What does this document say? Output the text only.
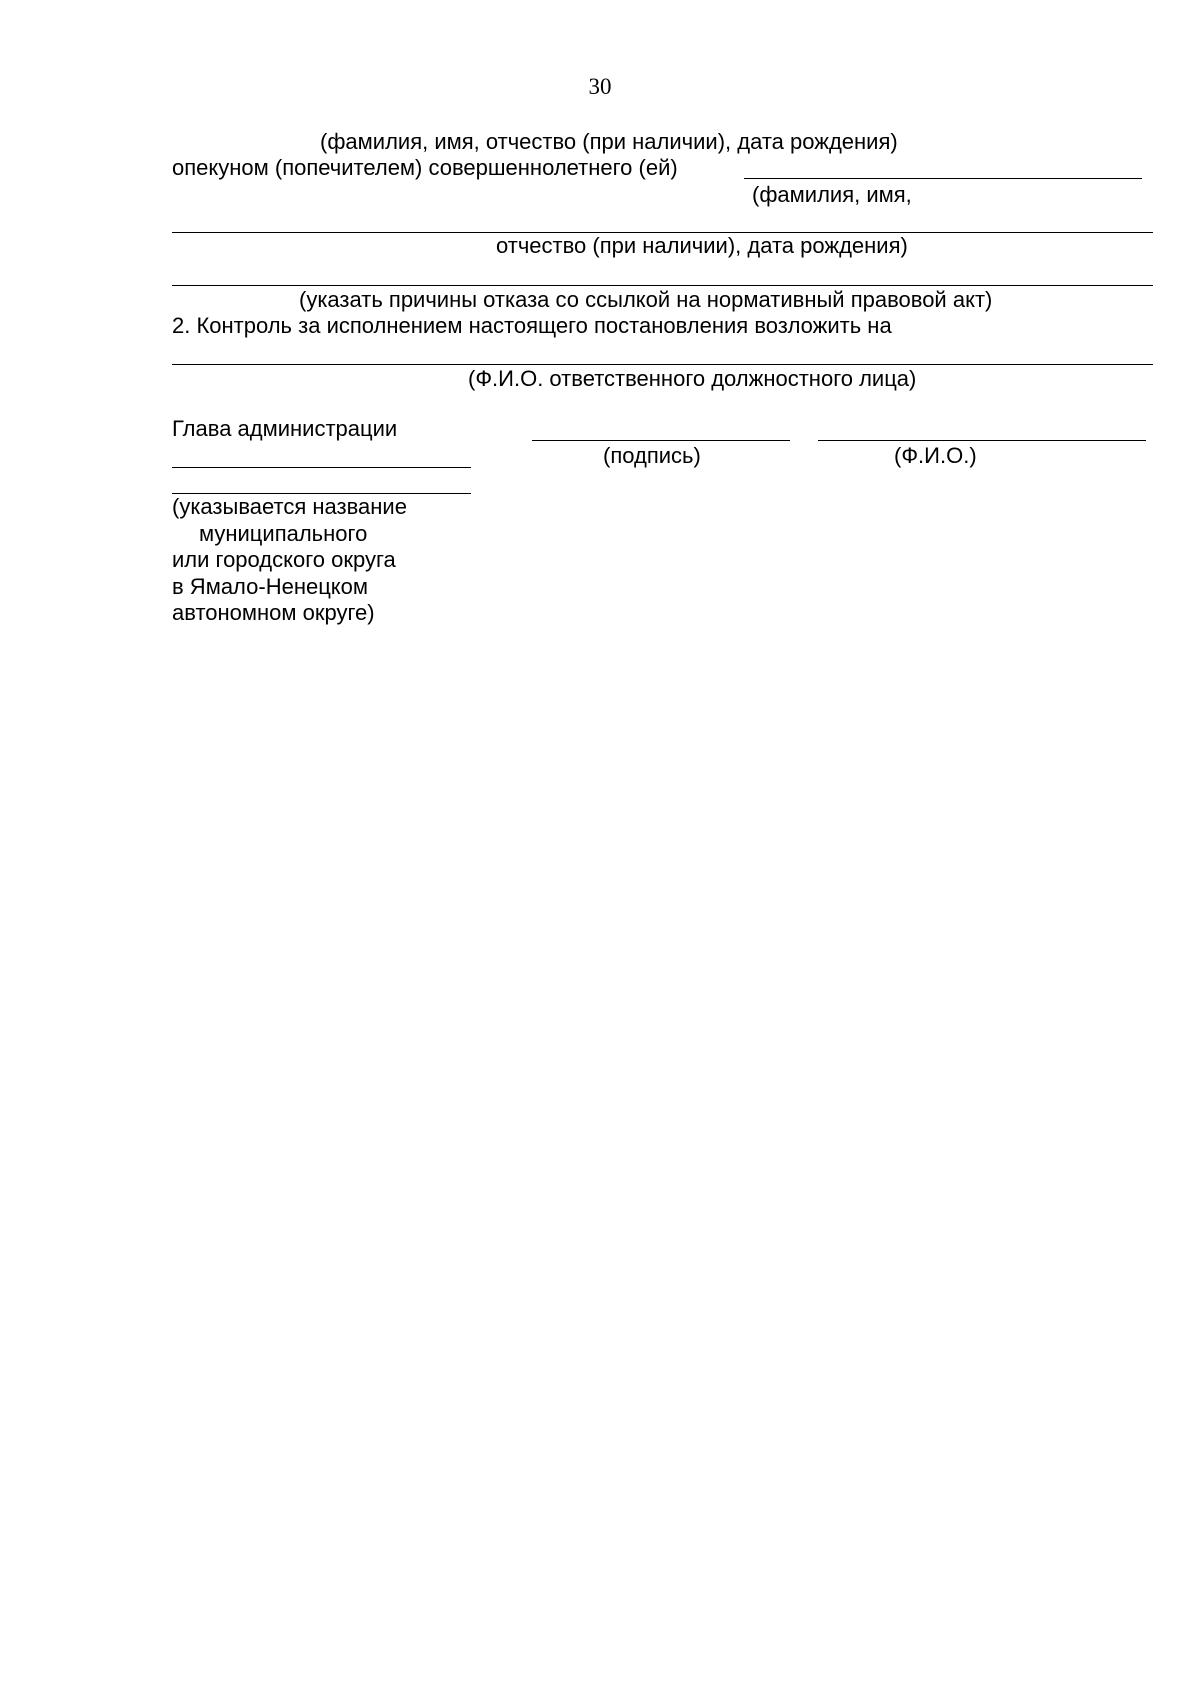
30
(фамилия, имя, отчество (при наличии), дата рождения)
опекуном (попечителем) совершеннолетнего (ей)
(фамилия, имя,
отчество (при наличии), дата рождения)
(указать причины отказа со ссылкой на нормативный правовой акт)
2. Контроль за исполнением настоящего постановления возложить на
(Ф.И.О. ответственного должностного лица)
Глава администрации
(подпись)	(Ф.И.О.)
(указывается название
муниципального
или городского округа
в Ямало-Ненецком
автономном округе)
